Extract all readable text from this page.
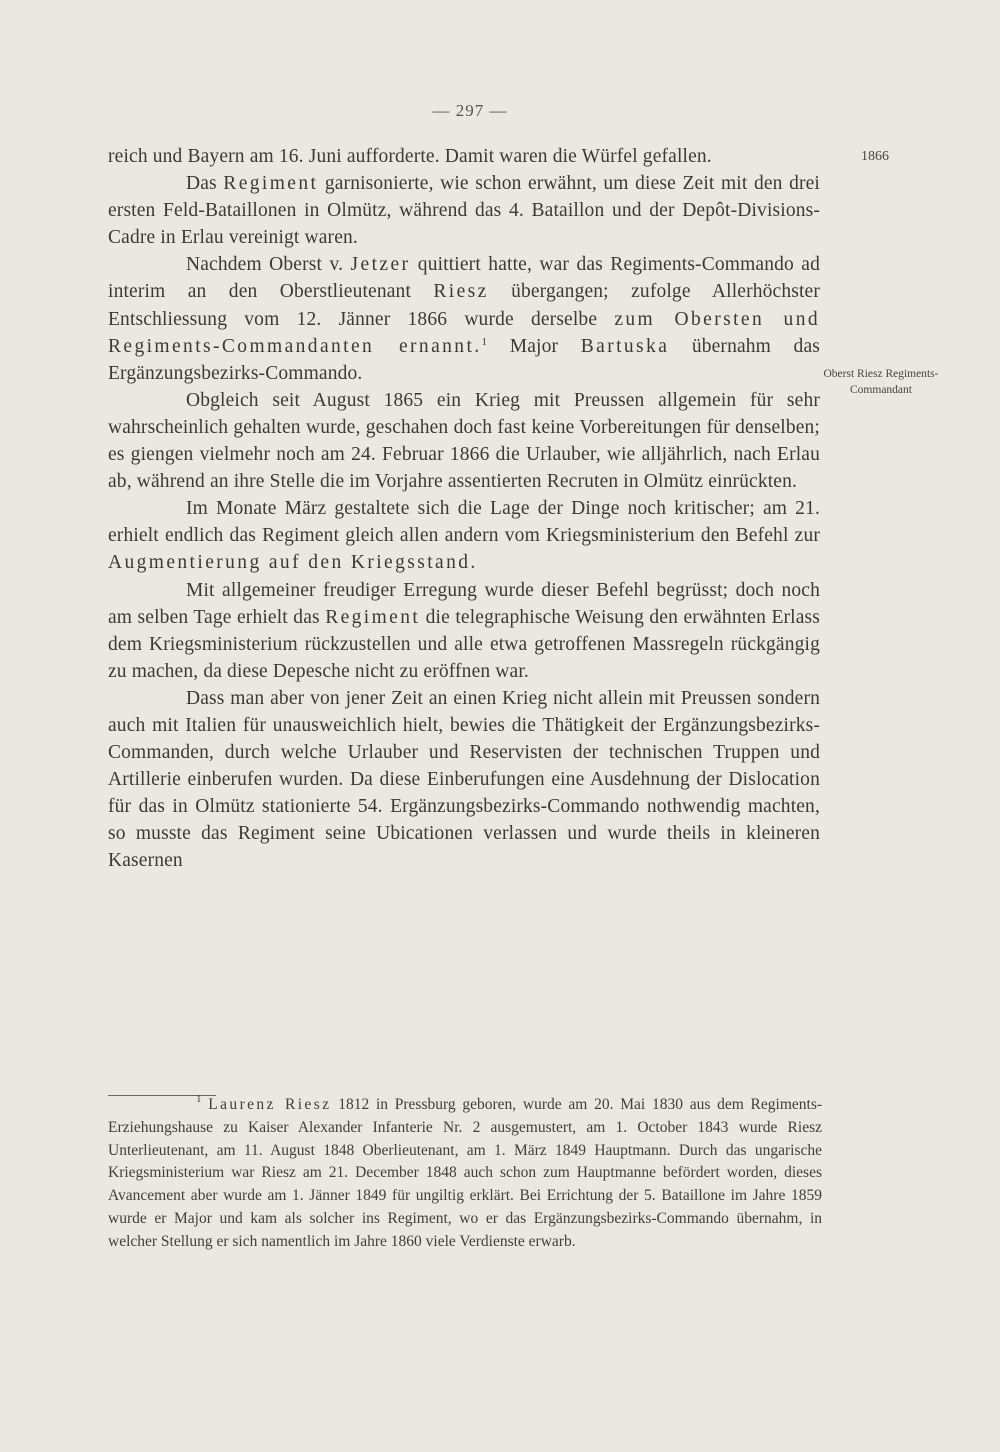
— 297 —
1866
Oberst Riesz Regiments-Commandant

reich und Bayern am 16. Juni aufforderte. Damit waren die Würfel gefallen.

Das Regiment garnisonierte, wie schon erwähnt, um diese Zeit mit den drei ersten Feld-Bataillonen in Olmütz, während das 4. Bataillon und der Depôt-Divisions-Cadre in Erlau vereinigt waren.

Nachdem Oberst v. Jetzer quittiert hatte, war das Regiments-Commando ad interim an den Oberstlieutenant Riesz übergangen; zufolge Allerhöchster Entschliessung vom 12. Jänner 1866 wurde derselbe zum Obersten und Regiments-Commandanten ernannt.$^1$ Major Bartuska übernahm das Ergänzungsbezirks-Commando.

Obgleich seit August 1865 ein Krieg mit Preussen allgemein für sehr wahrscheinlich gehalten wurde, geschahen doch fast keine Vorbereitungen für denselben; es giengen vielmehr noch am 24. Februar 1866 die Urlauber, wie alljährlich, nach Erlau ab, während an ihre Stelle die im Vorjahre assentierten Recruten in Olmütz einrückten.

Im Monate März gestaltete sich die Lage der Dinge noch kritischer; am 21. erhielt endlich das Regiment gleich allen andern vom Kriegsministerium den Befehl zur Augmentierung auf den Kriegsstand.

Mit allgemeiner freudiger Erregung wurde dieser Befehl begrüsst; doch noch am selben Tage erhielt das Regiment die telegraphische Weisung den erwähnten Erlass dem Kriegsministerium rückzustellen und alle etwa getroffenen Massregeln rückgängig zu machen, da diese Depesche nicht zu eröffnen war.

Dass man aber von jener Zeit an einen Krieg nicht allein mit Preussen sondern auch mit Italien für unausweichlich hielt, bewies die Thätigkeit der Ergänzungsbezirks-Commanden, durch welche Urlauber und Reservisten der technischen Truppen und Artillerie einberufen wurden. Da diese Einberufungen eine Ausdehnung der Dislocation für das in Olmütz stationierte 54. Ergänzungsbezirks-Commando nothwendig machten, so musste das Regiment seine Ubicationen verlassen und wurde theils in kleineren Kasernen

$^1$ Laurenz Riesz 1812 in Pressburg geboren, wurde am 20. Mai 1830 aus dem Regiments-Erziehungshause zu Kaiser Alexander Infanterie Nr. 2 ausgemustert, am 1. October 1843 wurde Riesz Unterlieutenant, am 11. August 1848 Oberlieutenant, am 1. März 1849 Hauptmann. Durch das ungarische Kriegsministerium war Riesz am 21. December 1848 auch schon zum Hauptmanne befördert worden, dieses Avancement aber wurde am 1. Jänner 1849 für ungiltig erklärt. Bei Errichtung der 5. Bataillone im Jahre 1859 wurde er Major und kam als solcher ins Regiment, wo er das Ergänzungsbezirks-Commando übernahm, in welcher Stellung er sich namentlich im Jahre 1860 viele Verdienste erwarb.
